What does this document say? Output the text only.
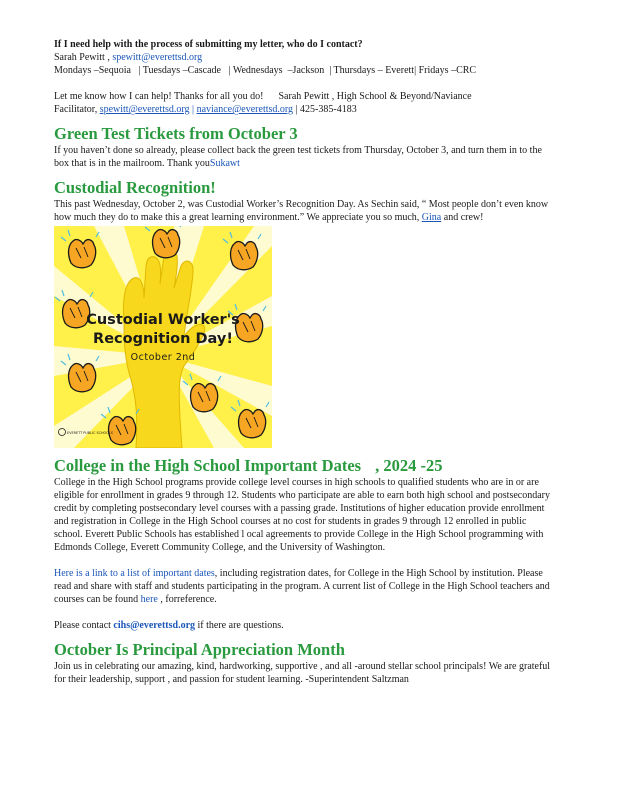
If I need help with the process of submitting my letter, who do I contact?

Sarah Pewitt , spewitt@everettsd.org

Mondays –Sequoia   | Tuesdays –Cascade   | Wednesdays  –Jackson  | Thursdays – Everett| Fridays –CRC

Let me know how I can help! Thanks for all you do!      Sarah Pewitt , High School & Beyond/Naviance

Facilitator, spewitt@everettsd.org | naviance@everettsd.org | 425-385-4183

Green Test Tickets from October 3

If you haven’t done so already, please collect back the green test tickets from Thursday, October 3, and turn them in to the box that is in the mailroom. Thank youSukawt

Custodial Recognition!

This past Wednesday, October 2, was Custodial Worker’s Recognition Day. As Sechin said, “ Most people don’t even know how much they do to make this a great learning environment.” We appreciate you so much, Gina and crew!

Custodial Worker's
Recognition Day!
October 2nd
EVERETT PUBLIC SCHOOLS
College in the High School Important Dates , 2024 -25

College in the High School programs provide college level courses in high schools to qualified students who are in or are eligible for enrollment in grades 9 through 12. Students who participate are able to earn both high school and postsecondary credit by completing postsecondary level courses with a passing grade. Institutions of higher education provide enrollment and registration in College in the High School courses at no cost for students in grades 9 through 12 enrolled in public school. Everett Public Schools has established l ocal agreements to provide College in the High School programming with Edmonds College, Everett Community College, and the University of Washington.

Here is a link to a list of important dates, including registration dates, for College in the High School by institution. Please read and share with staff and students participating in the program. A current list of College in the High School teachers and courses can be found here , forreference.

Please contact cihs@everettsd.org if there are questions.

October Is Principal Appreciation Month

Join us in celebrating our amazing, kind, hardworking, supportive , and all -around stellar school principals! We are grateful for their leadership, support , and passion for student learning. -Superintendent Saltzman
